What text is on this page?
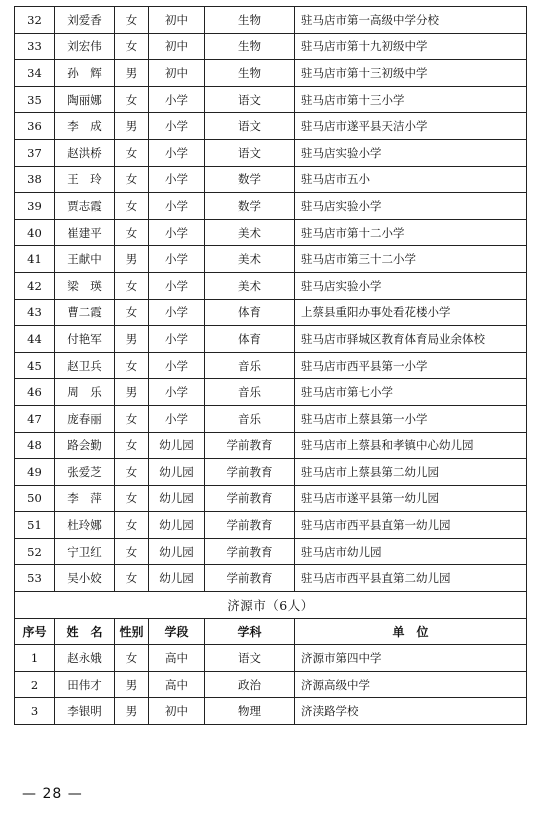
32	刘爱香	女	初中	生物	驻马店市第一高级中学分校
33	刘宏伟	女	初中	生物	驻马店市第十九初级中学
34	孙　辉	男	初中	生物	驻马店市第十三初级中学
35	陶丽娜	女	小学	语文	驻马店市第十三小学
36	李　成	男	小学	语文	驻马店市遂平县天洁小学
37	赵洪桥	女	小学	语文	驻马店实验小学
38	王　玲	女	小学	数学	驻马店市五小
39	贾志霞	女	小学	数学	驻马店实验小学
40	崔建平	女	小学	美术	驻马店市第十二小学
41	王献中	男	小学	美术	驻马店市第三十二小学
42	梁　瑛	女	小学	美术	驻马店实验小学
43	曹二霞	女	小学	体育	上蔡县重阳办事处看花楼小学
44	付艳军	男	小学	体育	驻马店市驿城区教育体育局业余体校
45	赵卫兵	女	小学	音乐	驻马店市西平县第一小学
46	周　乐	男	小学	音乐	驻马店市第七小学
47	庞春丽	女	小学	音乐	驻马店市上蔡县第一小学
48	路会勤	女	幼儿园	学前教育	驻马店市上蔡县和孝镇中心幼儿园
49	张爱芝	女	幼儿园	学前教育	驻马店市上蔡县第二幼儿园
50	李　萍	女	幼儿园	学前教育	驻马店市遂平县第一幼儿园
51	杜玲娜	女	幼儿园	学前教育	驻马店市西平县直第一幼儿园
52	宁卫红	女	幼儿园	学前教育	驻马店市幼儿园
53	吴小姣	女	幼儿园	学前教育	驻马店市西平县直第二幼儿园
济源市（6人）					
序号	姓　名	性别	学段	学科	单　位
1	赵永娥	女	高中	语文	济源市第四中学
2	田伟才	男	高中	政治	济源高级中学
3	李银明	男	初中	物理	济渎路学校
— 28 —
